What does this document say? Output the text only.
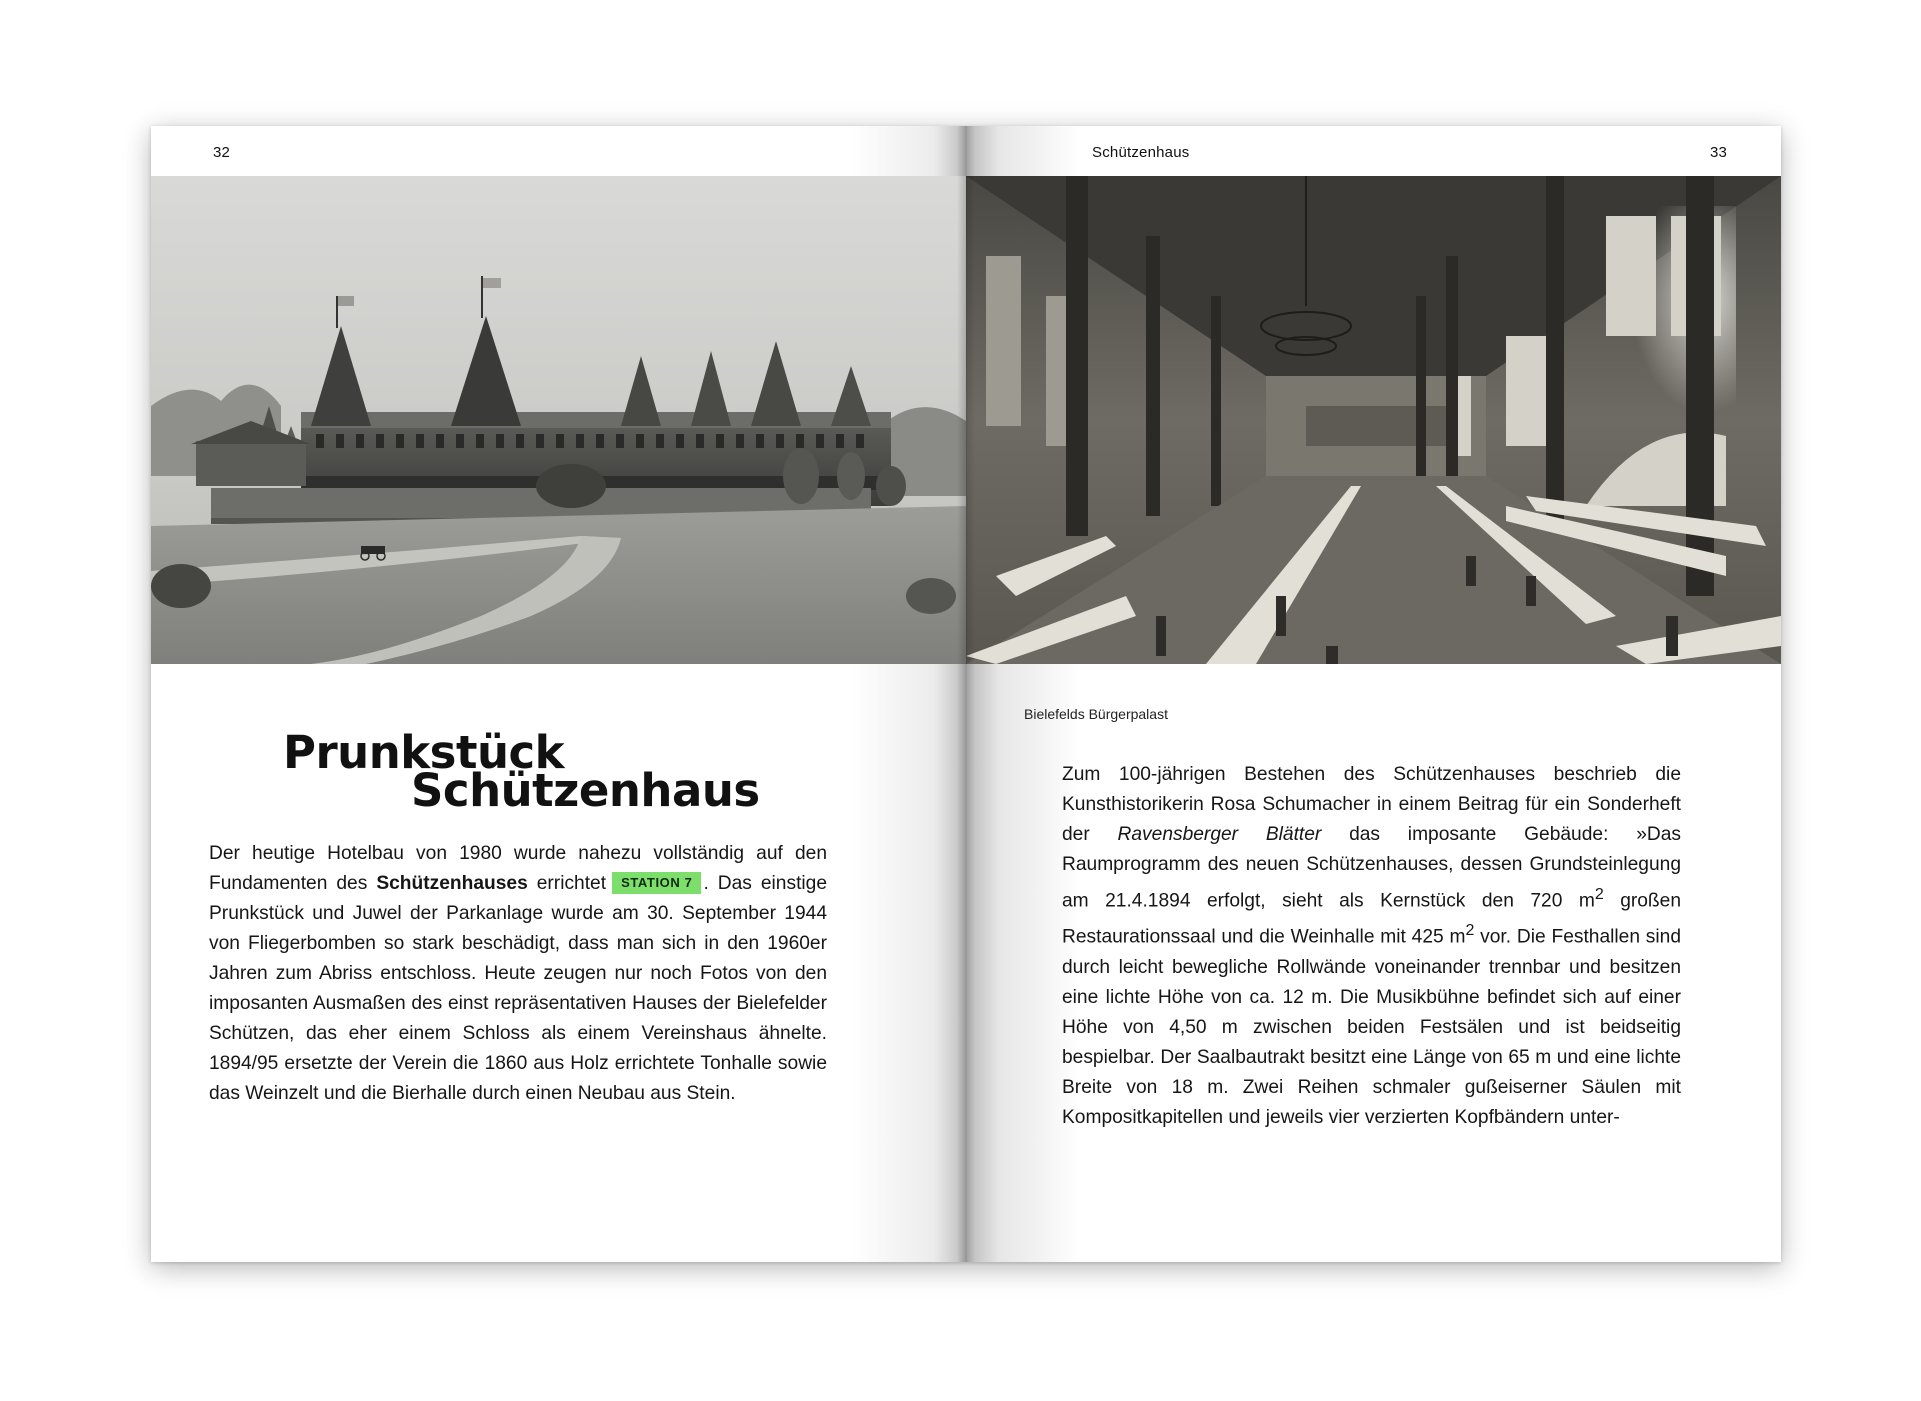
32
Prunkstück
Schützenhaus

Der heutige Hotelbau von 1980 wurde nahezu vollständig auf den Fundamenten des Schützenhauses errichtet STATION 7 . Das einstige Prunkstück und Juwel der Parkanlage wurde am 30. September 1944 von Fliegerbomben so stark beschädigt, dass man sich in den 1960er Jahren zum Abriss entschloss. Heute zeugen nur noch Fotos von den imposanten Ausmaßen des einst repräsentativen Hauses der Bielefelder Schützen, das eher einem Schloss als einem Vereinshaus ähnelte. 1894/95 ersetzte der Verein die 1860 aus Holz errichtete Tonhalle sowie das Weinzelt und die Bierhalle durch einen Neubau aus Stein.

Schützenhaus	33
Bielefelds Bürgerpalast

Zum 100-jährigen Bestehen des Schützenhauses beschrieb die Kunsthistorikerin Rosa Schumacher in einem Beitrag für ein Sonderheft der Ravensberger Blätter das imposante Gebäude: »Das Raumprogramm des neuen Schützenhauses, dessen Grundsteinlegung am 21.4.1894 erfolgt, sieht als Kernstück den 720 $m^2$ großen Restaurationssaal und die Weinhalle mit 425 $m^2$ vor. Die Festhallen sind durch leicht bewegliche Rollwände voneinander trennbar und besitzen eine lichte Höhe von ca. 12 m. Die Musikbühne befindet sich auf einer Höhe von 4,50 m zwischen beiden Festsälen und ist beidseitig bespielbar. Der Saalbautrakt besitzt eine Länge von 65 m und eine lichte Breite von 18 m. Zwei Reihen schmaler gußeiserner Säulen mit Kompositkapitellen und jeweils vier verzierten Kopfbändern unter-
